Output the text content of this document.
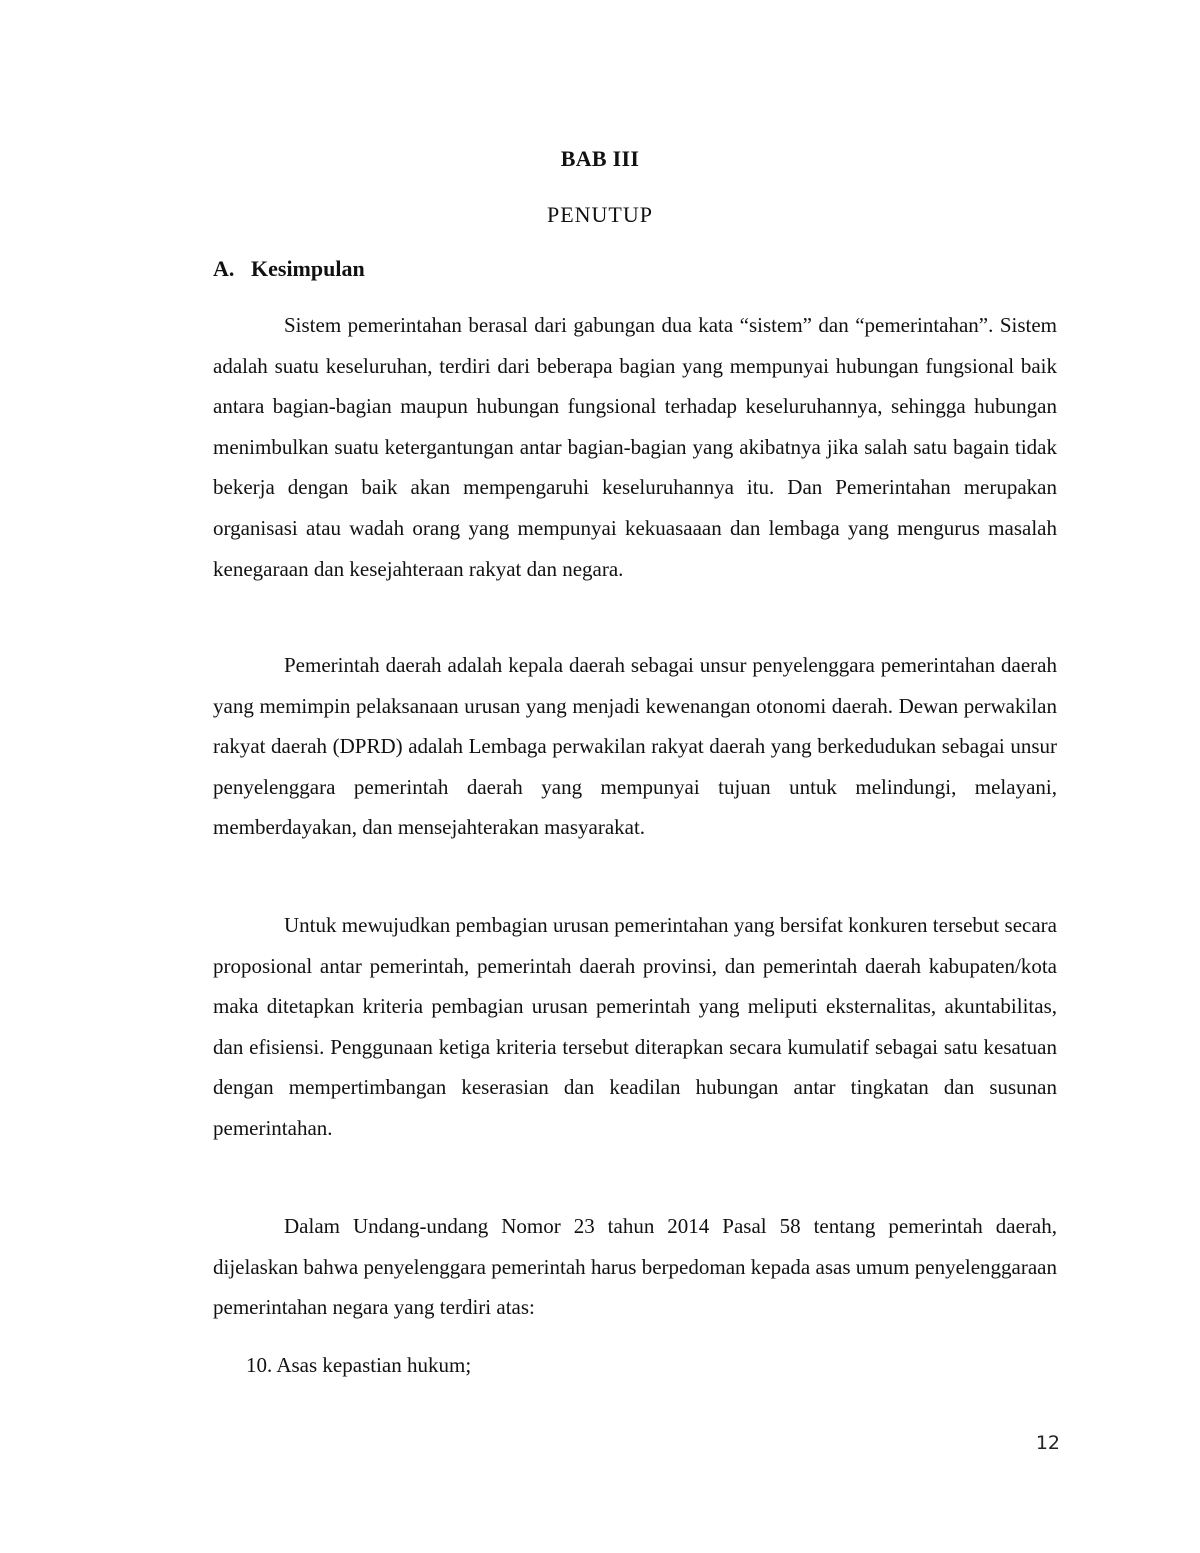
BAB III
PENUTUP
A. Kesimpulan

Sistem pemerintahan berasal dari gabungan dua kata “sistem” dan “pemerintahan”. Sistem adalah suatu keseluruhan, terdiri dari beberapa bagian yang mempunyai hubungan fungsional baik antara bagian-bagian maupun hubungan fungsional terhadap keseluruhannya, sehingga hubungan menimbulkan suatu ketergantungan antar bagian-bagian yang akibatnya jika salah satu bagain tidak bekerja dengan baik akan mempengaruhi keseluruhannya itu. Dan Pemerintahan merupakan organisasi atau wadah orang yang mempunyai kekuasaaan dan lembaga yang mengurus masalah kenegaraan dan kesejahteraan rakyat dan negara.

Pemerintah daerah adalah kepala daerah sebagai unsur penyelenggara pemerintahan daerah yang memimpin pelaksanaan urusan yang menjadi kewenangan otonomi daerah. Dewan perwakilan rakyat daerah (DPRD) adalah Lembaga perwakilan rakyat daerah yang berkedudukan sebagai unsur penyelenggara pemerintah daerah yang mempunyai tujuan untuk melindungi, melayani, memberdayakan, dan mensejahterakan masyarakat.

Untuk mewujudkan pembagian urusan pemerintahan yang bersifat konkuren tersebut secara proposional antar pemerintah, pemerintah daerah provinsi, dan pemerintah daerah kabupaten/kota maka ditetapkan kriteria pembagian urusan pemerintah yang meliputi eksternalitas, akuntabilitas, dan efisiensi. Penggunaan ketiga kriteria tersebut diterapkan secara kumulatif sebagai satu kesatuan dengan mempertimbangan keserasian dan keadilan hubungan antar tingkatan dan susunan pemerintahan.

Dalam Undang-undang Nomor 23 tahun 2014 Pasal 58 tentang pemerintah daerah, dijelaskan bahwa penyelenggara pemerintah harus berpedoman kepada asas umum penyelenggaraan pemerintahan negara yang terdiri atas:

10. Asas kepastian hukum;
12
